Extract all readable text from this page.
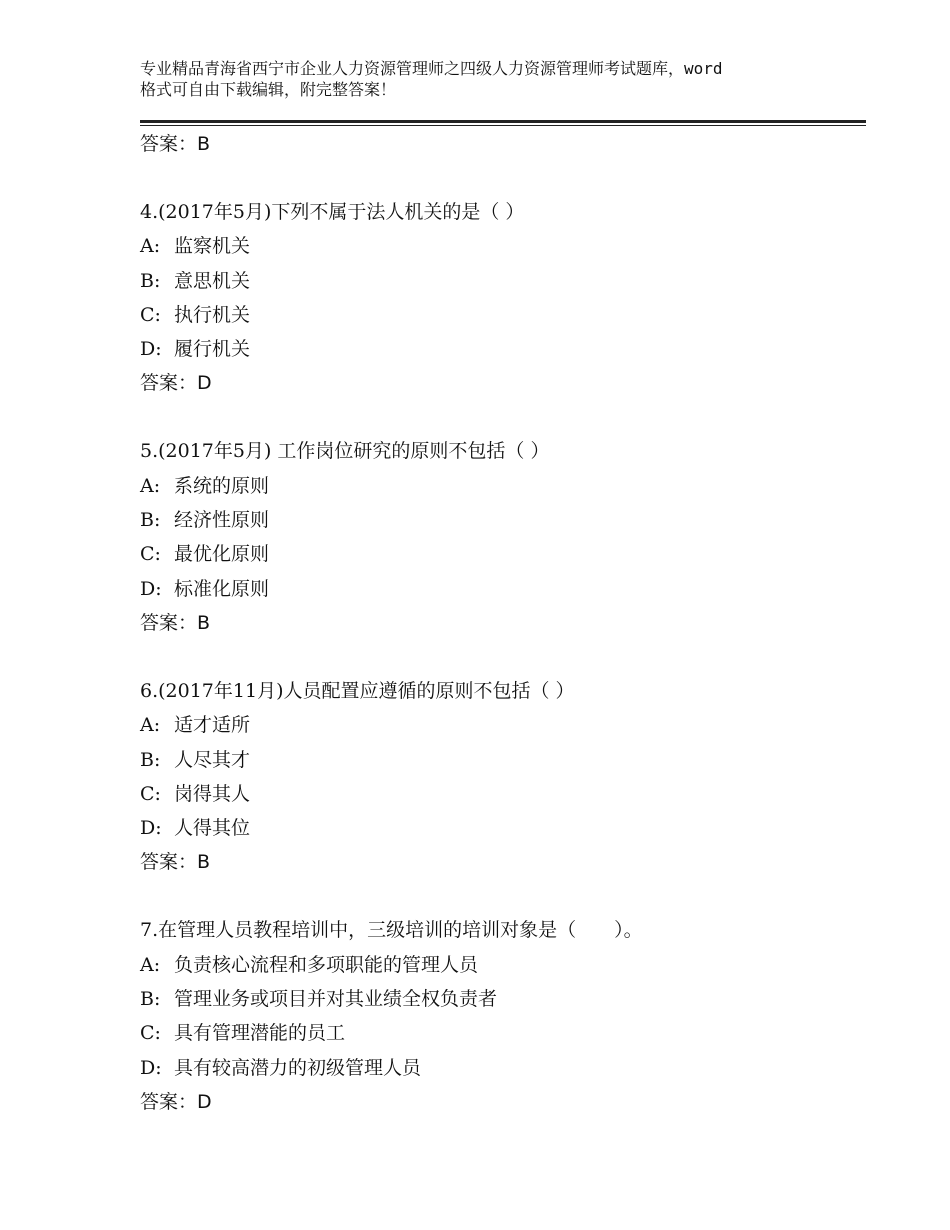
专业精品青海省西宁市企业人力资源管理师之四级人力资源管理师考试题库，word
格式可自由下载编辑，附完整答案！
答案：B
4.(2017年5月)下列不属于法人机关的是（ ）
A: 监察机关
B: 意思机关
C: 执行机关
D: 履行机关
答案：D
5.(2017年5月) 工作岗位研究的原则不包括（ ）
A: 系统的原则
B: 经济性原则
C: 最优化原则
D: 标准化原则
答案：B
6.(2017年11月)人员配置应遵循的原则不包括（ ）
A: 适才适所
B: 人尽其才
C: 岗得其人
D: 人得其位
答案：B
7.在管理人员教程培训中，三级培训的培训对象是（　　）。
A: 负责核心流程和多项职能的管理人员
B: 管理业务或项目并对其业绩全权负责者
C: 具有管理潜能的员工
D: 具有较高潜力的初级管理人员
答案：D
